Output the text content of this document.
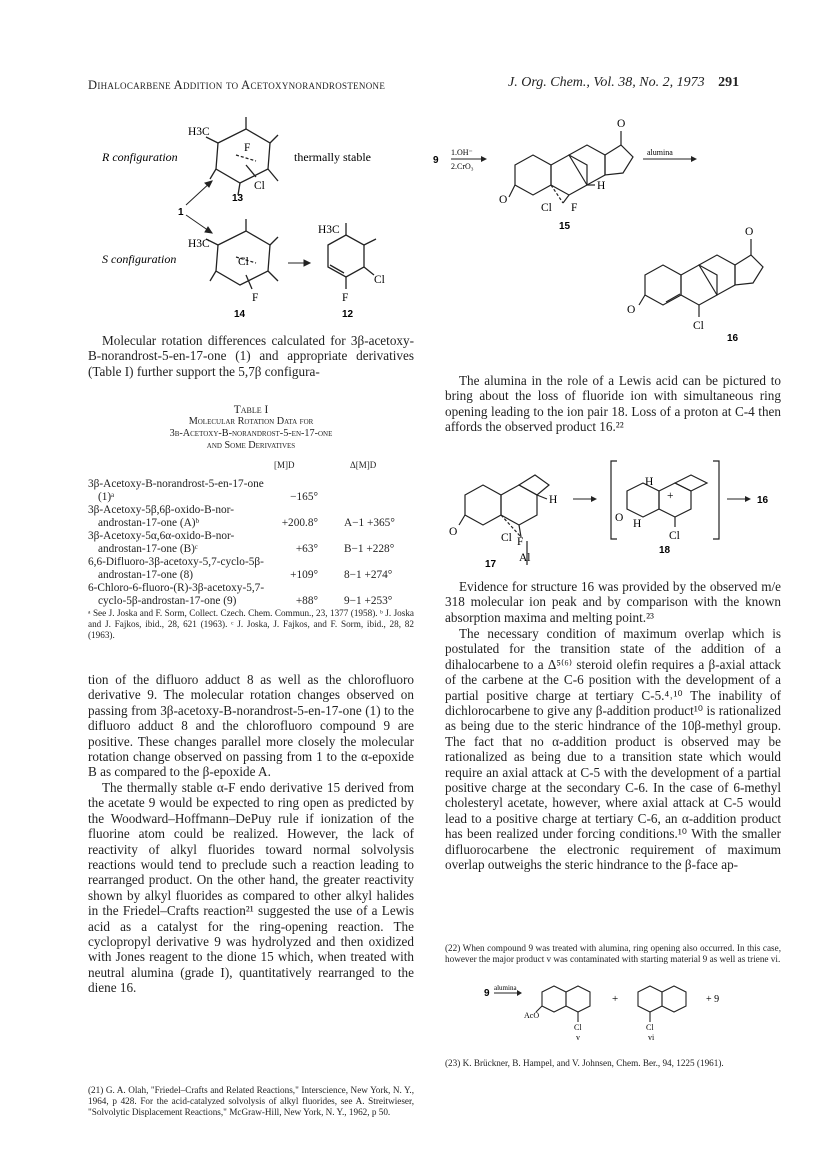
Dihalocarbene Addition to Acetoxynorandrostenone	J. Org. Chem., Vol. 38, No. 2, 1973 291
H3C
F
Cl
R configuration	thermally stable
13
1
H3C
Cl
F
14
S configuration
H3C
Cl
F
12
9
1.OH⁻
2.CrO₃
O
O
H
Cl F
15
alumina
O
O
Cl
16
Molecular rotation differences calculated for 3β-acetoxy-B-norandrost-5-en-17-one (1) and appropriate derivatives (Table I) further support the 5,7β configura-
Table I
Molecular Rotation Data for
3β-Acetoxy-B-norandrost-5-en-17-one
and Some Derivatives
[M]D	Δ[M]D
3β-Acetoxy-B-norandrost-5-en-17-one
(1)ᵃ	−165°
3β-Acetoxy-5β,6β-oxido-B-nor-
androstan-17-one (A)ᵇ	+200.8° A−1 +365°
3β-Acetoxy-5α,6α-oxido-B-nor-
androstan-17-one (B)ᶜ	+63° B−1 +228°
6,6-Difluoro-3β-acetoxy-5,7-cyclo-5β-
androstan-17-one (8)	+109° 8−1 +274°
6-Chloro-6-fluoro-(R)-3β-acetoxy-5,7-
cyclo-5β-androstan-17-one (9)	+88° 9−1 +253°
ᵃ See J. Joska and F. Sorm, Collect. Czech. Chem. Commun., 23, 1377 (1958). ᵇ J. Joska and J. Fajkos, ibid., 28, 621 (1963). ᶜ J. Joska, J. Fajkos, and F. Sorm, ibid., 28, 82 (1963).
tion of the difluoro adduct 8 as well as the chlorofluoro derivative 9. The molecular rotation changes observed on passing from 3β-acetoxy-B-norandrost-5-en-17-one (1) to the difluoro adduct 8 and the chlorofluoro compound 9 are positive. These changes parallel more closely the molecular rotation change observed on passing from 1 to the α-epoxide B as compared to the β-epoxide A.
The thermally stable α-F endo derivative 15 derived from the acetate 9 would be expected to ring open as predicted by the Woodward–Hoffmann–DePuy rule if ionization of the fluorine atom could be realized. However, the lack of reactivity of alkyl fluorides toward normal solvolysis reactions would tend to preclude such a reaction leading to rearranged product. On the other hand, the greater reactivity shown by alkyl fluorides as compared to other alkyl halides in the Friedel–Crafts reaction²¹ suggested the use of a Lewis acid as a catalyst for the ring-opening reaction. The cyclopropyl derivative 9 was hydrolyzed and then oxidized with Jones reagent to the dione 15 which, when treated with neutral alumina (grade I), quantitatively rearranged to the diene 16.
(21) G. A. Olah, "Friedel–Crafts and Related Reactions," Interscience, New York, N. Y., 1964, p 428. For the acid-catalyzed solvolysis of alkyl fluorides, see A. Streitwieser, "Solvolytic Displacement Reactions," McGraw-Hill, New York, N. Y., 1962, p 50.
The alumina in the role of a Lewis acid can be pictured to bring about the loss of fluoride ion with simultaneous ring opening leading to the ion pair 18. Loss of a proton at C-4 then affords the observed product 16.²²
O
H
Cl F
Al
17
O
H
H
+
Cl
18
16
Evidence for structure 16 was provided by the observed m/e 318 molecular ion peak and by comparison with the known absorption maxima and melting point.²³
The necessary condition of maximum overlap which is postulated for the transition state of the addition of a dihalocarbene to a Δ⁵⁽⁶⁾ steroid olefin requires a β-axial attack of the carbene at the C-6 position with the development of a partial positive charge at tertiary C-5.⁴˒¹⁰ The inability of dichlorocarbene to give any β-addition product¹⁰ is rationalized as being due to the steric hindrance of the 10β-methyl group. The fact that no α-addition product is observed may be rationalized as being due to a transition state which would require an axial attack at C-5 with the development of a partial positive charge at the secondary C-6. In the case of 6-methyl cholesteryl acetate, however, where axial attack at C-5 would lead to a positive charge at tertiary C-6, an α-addition product has been realized under forcing conditions.¹⁰ With the smaller difluorocarbene the electronic requirement of maximum overlap outweighs the steric hindrance to the β-face ap-
(22) When compound 9 was treated with alumina, ring opening also occurred. In this case, however the major product v was contaminated with starting material 9 as well as triene vi.
9 alumina
AcO
Cl
v
+
Cl
vi
+ 9
(23) K. Brückner, B. Hampel, and V. Johnsen, Chem. Ber., 94, 1225 (1961).
